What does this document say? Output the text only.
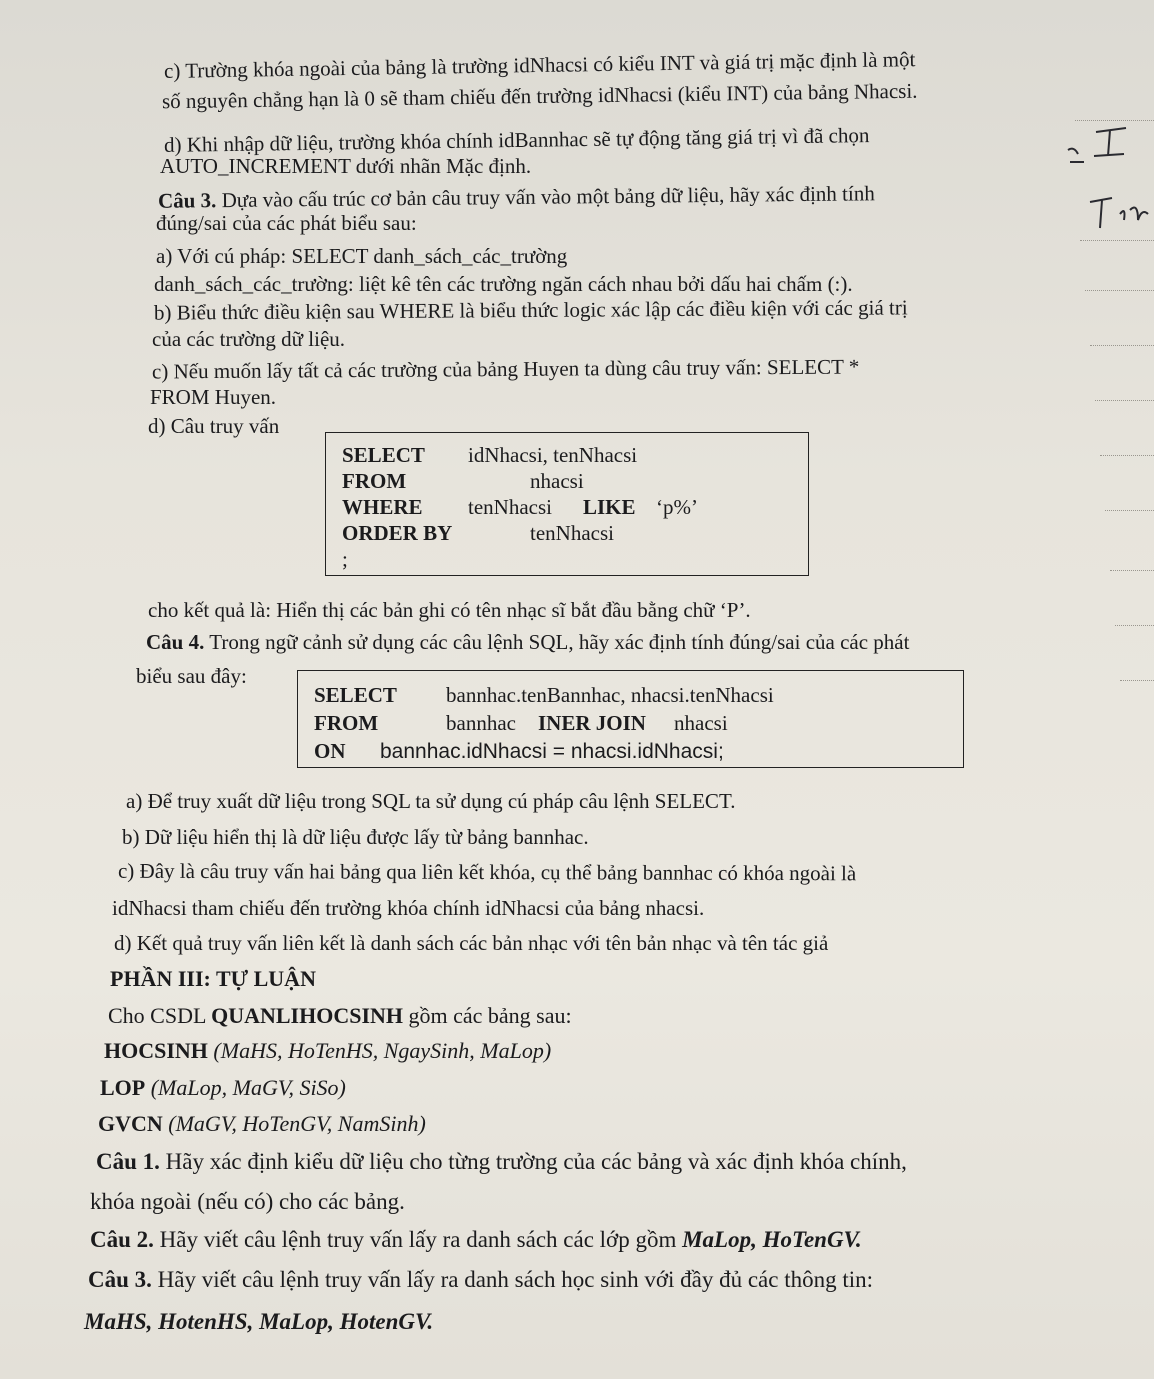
c) Trường khóa ngoài của bảng là trường idNhacsi có kiểu INT và giá trị mặc định là một
số nguyên chẳng hạn là 0 sẽ tham chiếu đến trường idNhacsi (kiểu INT) của bảng Nhacsi.
d) Khi nhập dữ liệu, trường khóa chính idBannhac sẽ tự động tăng giá trị vì đã chọn
AUTO_INCREMENT dưới nhãn Mặc định.
Câu 3. Dựa vào cấu trúc cơ bản câu truy vấn vào một bảng dữ liệu, hãy xác định tính
đúng/sai của các phát biểu sau:
a) Với cú pháp: SELECT danh_sách_các_trường
danh_sách_các_trường: liệt kê tên các trường ngăn cách nhau bởi dấu hai chấm (:).
b) Biểu thức điều kiện sau WHERE là biểu thức logic xác lập các điều kiện với các giá trị
của các trường dữ liệu.
c) Nếu muốn lấy tất cả các trường của bảng Huyen ta dùng câu truy vấn: SELECT *
FROM Huyen.
d) Câu truy vấn
SELECT idNhacsi, tenNhacsi
FROM	nhacsi
WHERE tenNhacsi LIKE ‘p%’
ORDER BY	tenNhacsi
;
cho kết quả là: Hiển thị các bản ghi có tên nhạc sĩ bắt đầu bằng chữ ‘P’.
Câu 4. Trong ngữ cảnh sử dụng các câu lệnh SQL, hãy xác định tính đúng/sai của các phát
biểu sau đây:
SELECT bannhac.tenBannhac, nhacsi.tenNhacsi
FROM	bannhac INER JOIN nhacsi
ON bannhac.idNhacsi = nhacsi.idNhacsi;
a) Để truy xuất dữ liệu trong SQL ta sử dụng cú pháp câu lệnh SELECT.
b) Dữ liệu hiển thị là dữ liệu được lấy từ bảng bannhac.
c) Đây là câu truy vấn hai bảng qua liên kết khóa, cụ thể bảng bannhac có khóa ngoài là
idNhacsi tham chiếu đến trường khóa chính idNhacsi của bảng nhacsi.
d) Kết quả truy vấn liên kết là danh sách các bản nhạc với tên bản nhạc và tên tác giả
PHẦN III: TỰ LUẬN
Cho CSDL QUANLIHOCSINH gồm các bảng sau:
HOCSINH (MaHS, HoTenHS, NgaySinh, MaLop)
LOP (MaLop, MaGV, SiSo)
GVCN (MaGV, HoTenGV, NamSinh)
Câu 1. Hãy xác định kiểu dữ liệu cho từng trường của các bảng và xác định khóa chính,
khóa ngoài (nếu có) cho các bảng.
Câu 2. Hãy viết câu lệnh truy vấn lấy ra danh sách các lớp gồm MaLop, HoTenGV.
Câu 3. Hãy viết câu lệnh truy vấn lấy ra danh sách học sinh với đầy đủ các thông tin:
MaHS, HotenHS, MaLop, HotenGV.
